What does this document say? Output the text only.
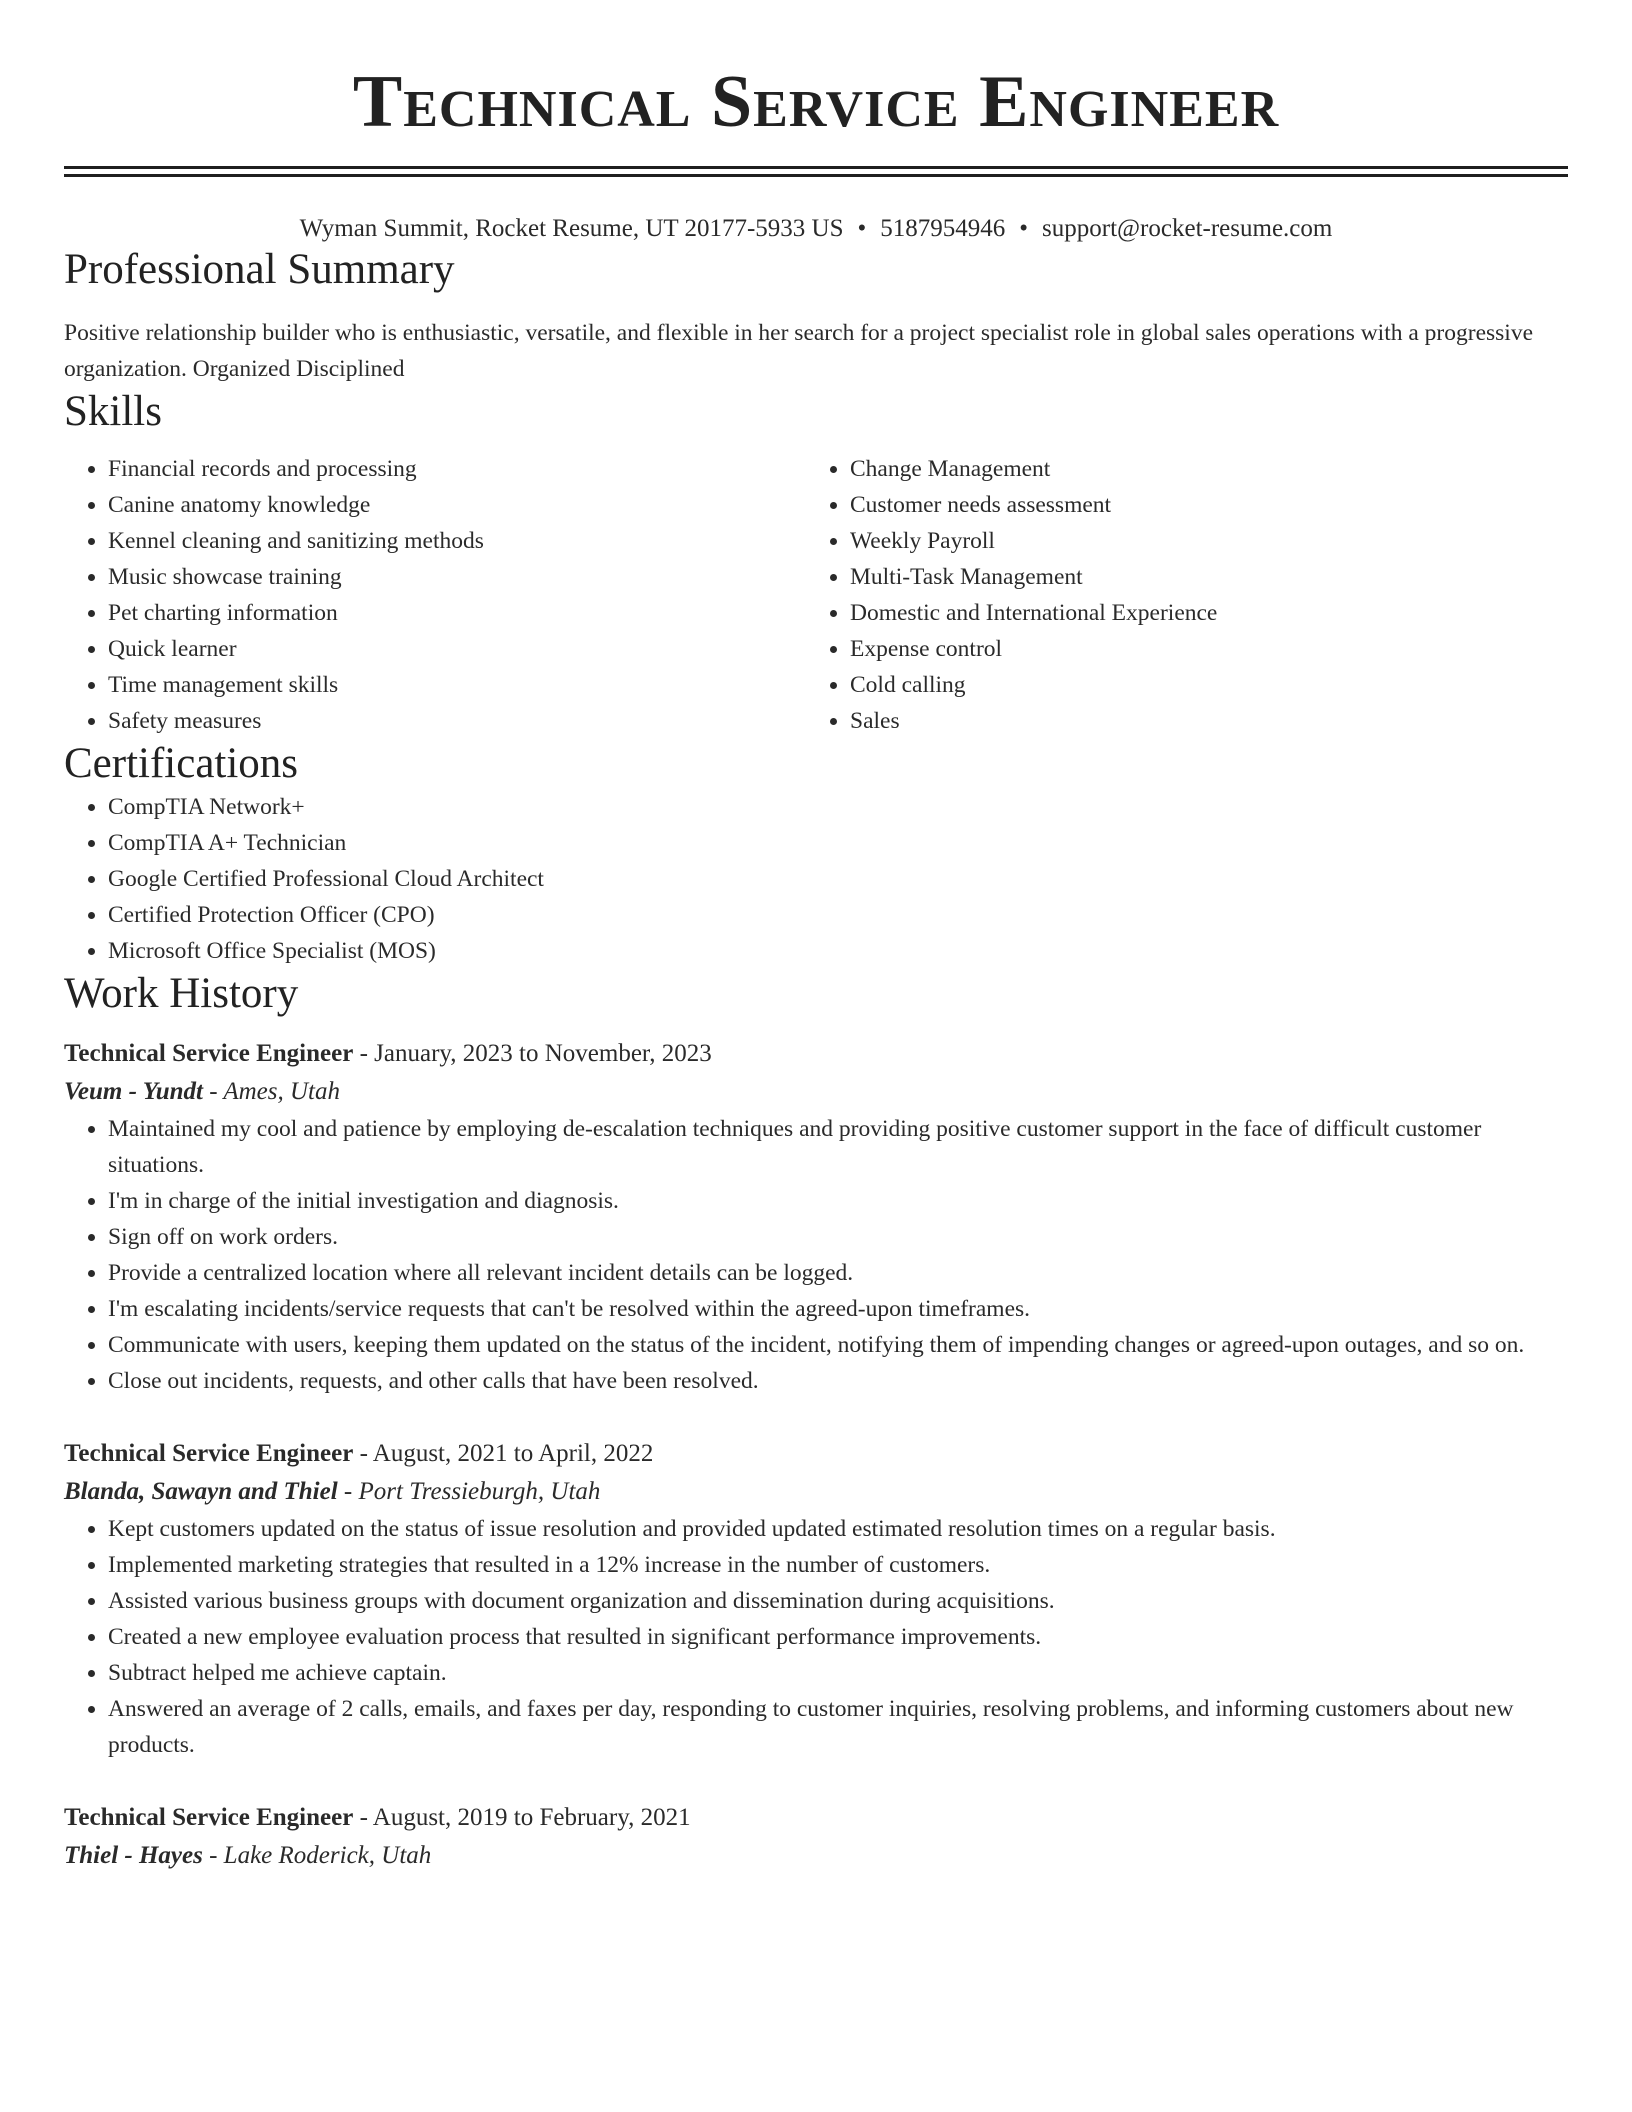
Technical Service Engineer
Wyman Summit, Rocket Resume, UT 20177-5933 US • 5187954946 • support@rocket-resume.com
Professional Summary

Positive relationship builder who is enthusiastic, versatile, and flexible in her search for a project specialist role in global sales operations with a progressive organization. Organized Disciplined

Skills
• Financial records and processing
• Canine anatomy knowledge
• Kennel cleaning and sanitizing methods
• Music showcase training
• Pet charting information
• Quick learner
• Time management skills
• Safety measures
• Change Management
• Customer needs assessment
• Weekly Payroll
• Multi-Task Management
• Domestic and International Experience
• Expense control
• Cold calling
• Sales
Certifications
• CompTIA Network+
• CompTIA A+ Technician
• Google Certified Professional Cloud Architect
• Certified Protection Officer (CPO)
• Microsoft Office Specialist (MOS)
Work History
Technical Service Engineer - January, 2023 to November, 2023
Veum - Yundt - Ames, Utah
• Maintained my cool and patience by employing de-escalation techniques and providing positive customer support in the face of difficult customer situations.
• I'm in charge of the initial investigation and diagnosis.
• Sign off on work orders.
• Provide a centralized location where all relevant incident details can be logged.
• I'm escalating incidents/service requests that can't be resolved within the agreed-upon timeframes.
• Communicate with users, keeping them updated on the status of the incident, notifying them of impending changes or agreed-upon outages, and so on.
• Close out incidents, requests, and other calls that have been resolved.
Technical Service Engineer - August, 2021 to April, 2022
Blanda, Sawayn and Thiel - Port Tressieburgh, Utah
• Kept customers updated on the status of issue resolution and provided updated estimated resolution times on a regular basis.
• Implemented marketing strategies that resulted in a 12% increase in the number of customers.
• Assisted various business groups with document organization and dissemination during acquisitions.
• Created a new employee evaluation process that resulted in significant performance improvements.
• Subtract helped me achieve captain.
• Answered an average of 2 calls, emails, and faxes per day, responding to customer inquiries, resolving problems, and informing customers about new products.
Technical Service Engineer - August, 2019 to February, 2021
Thiel - Hayes - Lake Roderick, Utah
